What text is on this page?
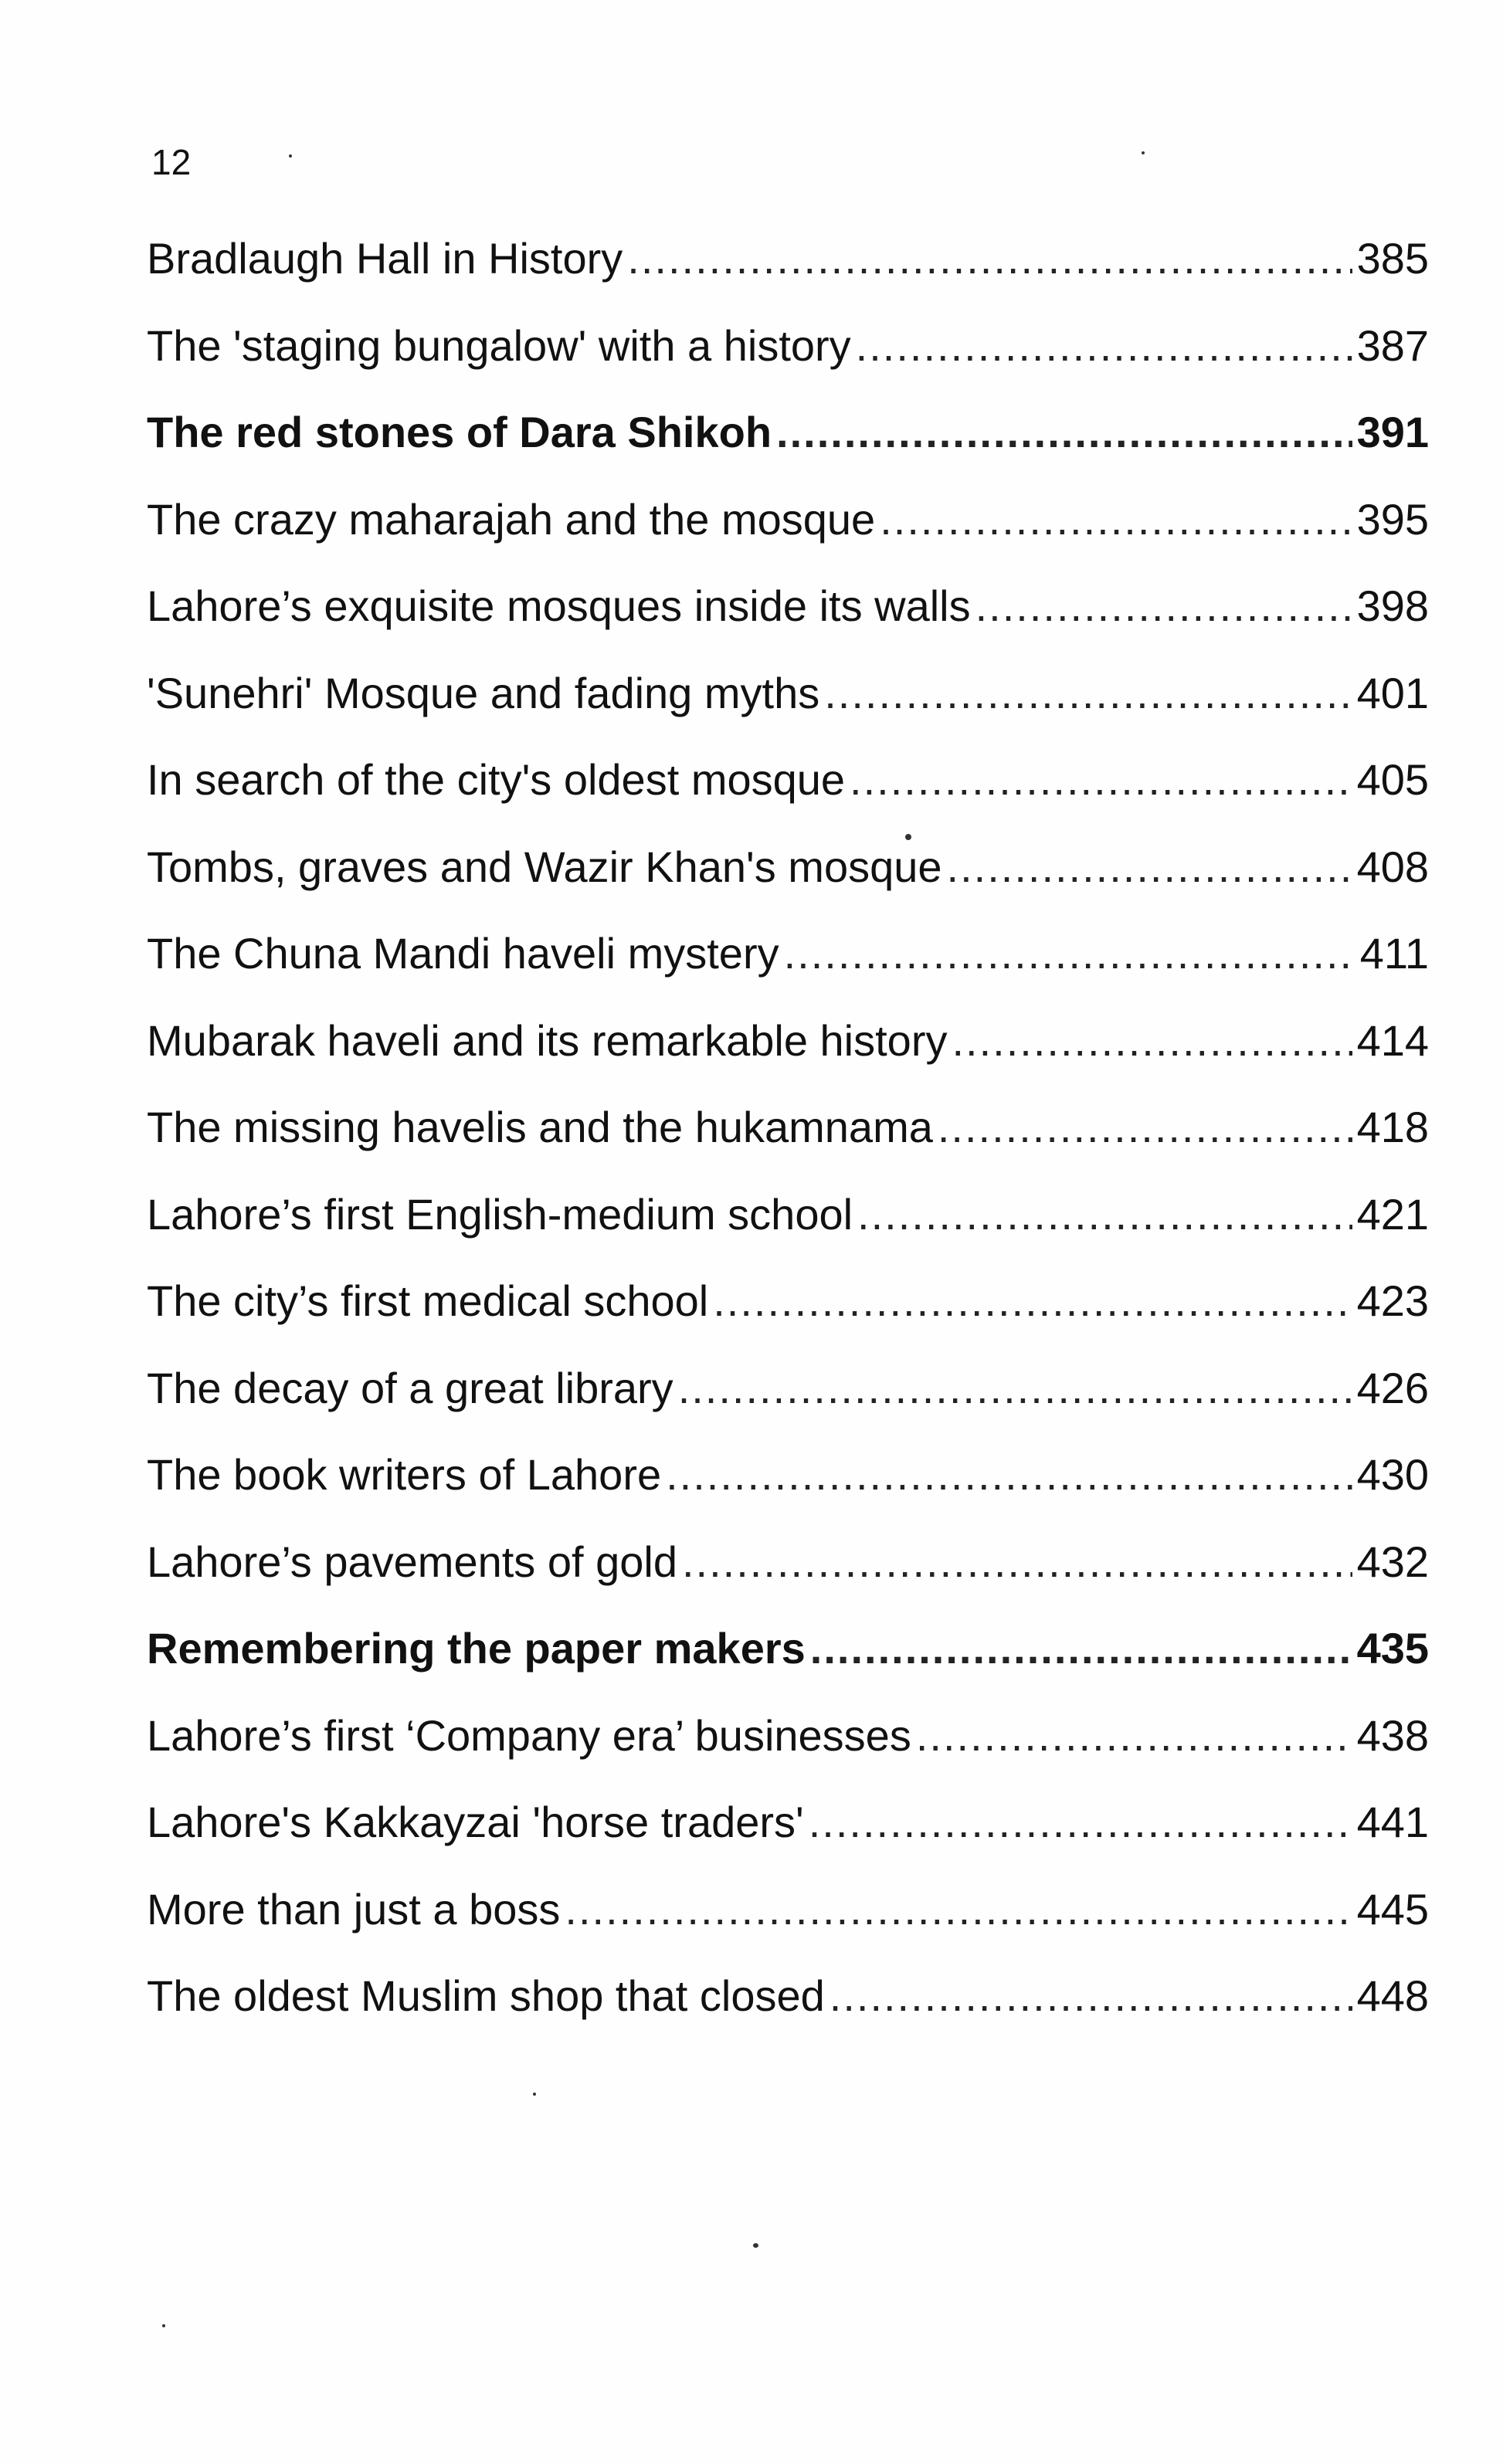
12
Bradlaugh Hall in History .....	385
The 'staging bungalow' with a history .....	387
The red stones of Dara Shikoh .....	391
The crazy maharajah and the mosque .....	395
Lahore’s exquisite mosques inside its walls .....	398
'Sunehri' Mosque and fading myths .....	401
In search of the city's oldest mosque .....	405
Tombs, graves and Wazir Khan's mosque .....	408
The Chuna Mandi haveli mystery .....	411
Mubarak haveli and its remarkable history .....	414
The missing havelis and the hukamnama .....	418
Lahore’s first English-medium school .....	421
The city’s first medical school .....	423
The decay of a great library .....	426
The book writers of Lahore .....	430
Lahore’s pavements of gold .....	432
Remembering the paper makers .....	435
Lahore’s first ‘Company era’ businesses .....	438
Lahore's Kakkayzai 'horse traders' .....	441
More than just a boss .....	445
The oldest Muslim shop that closed .....	448
